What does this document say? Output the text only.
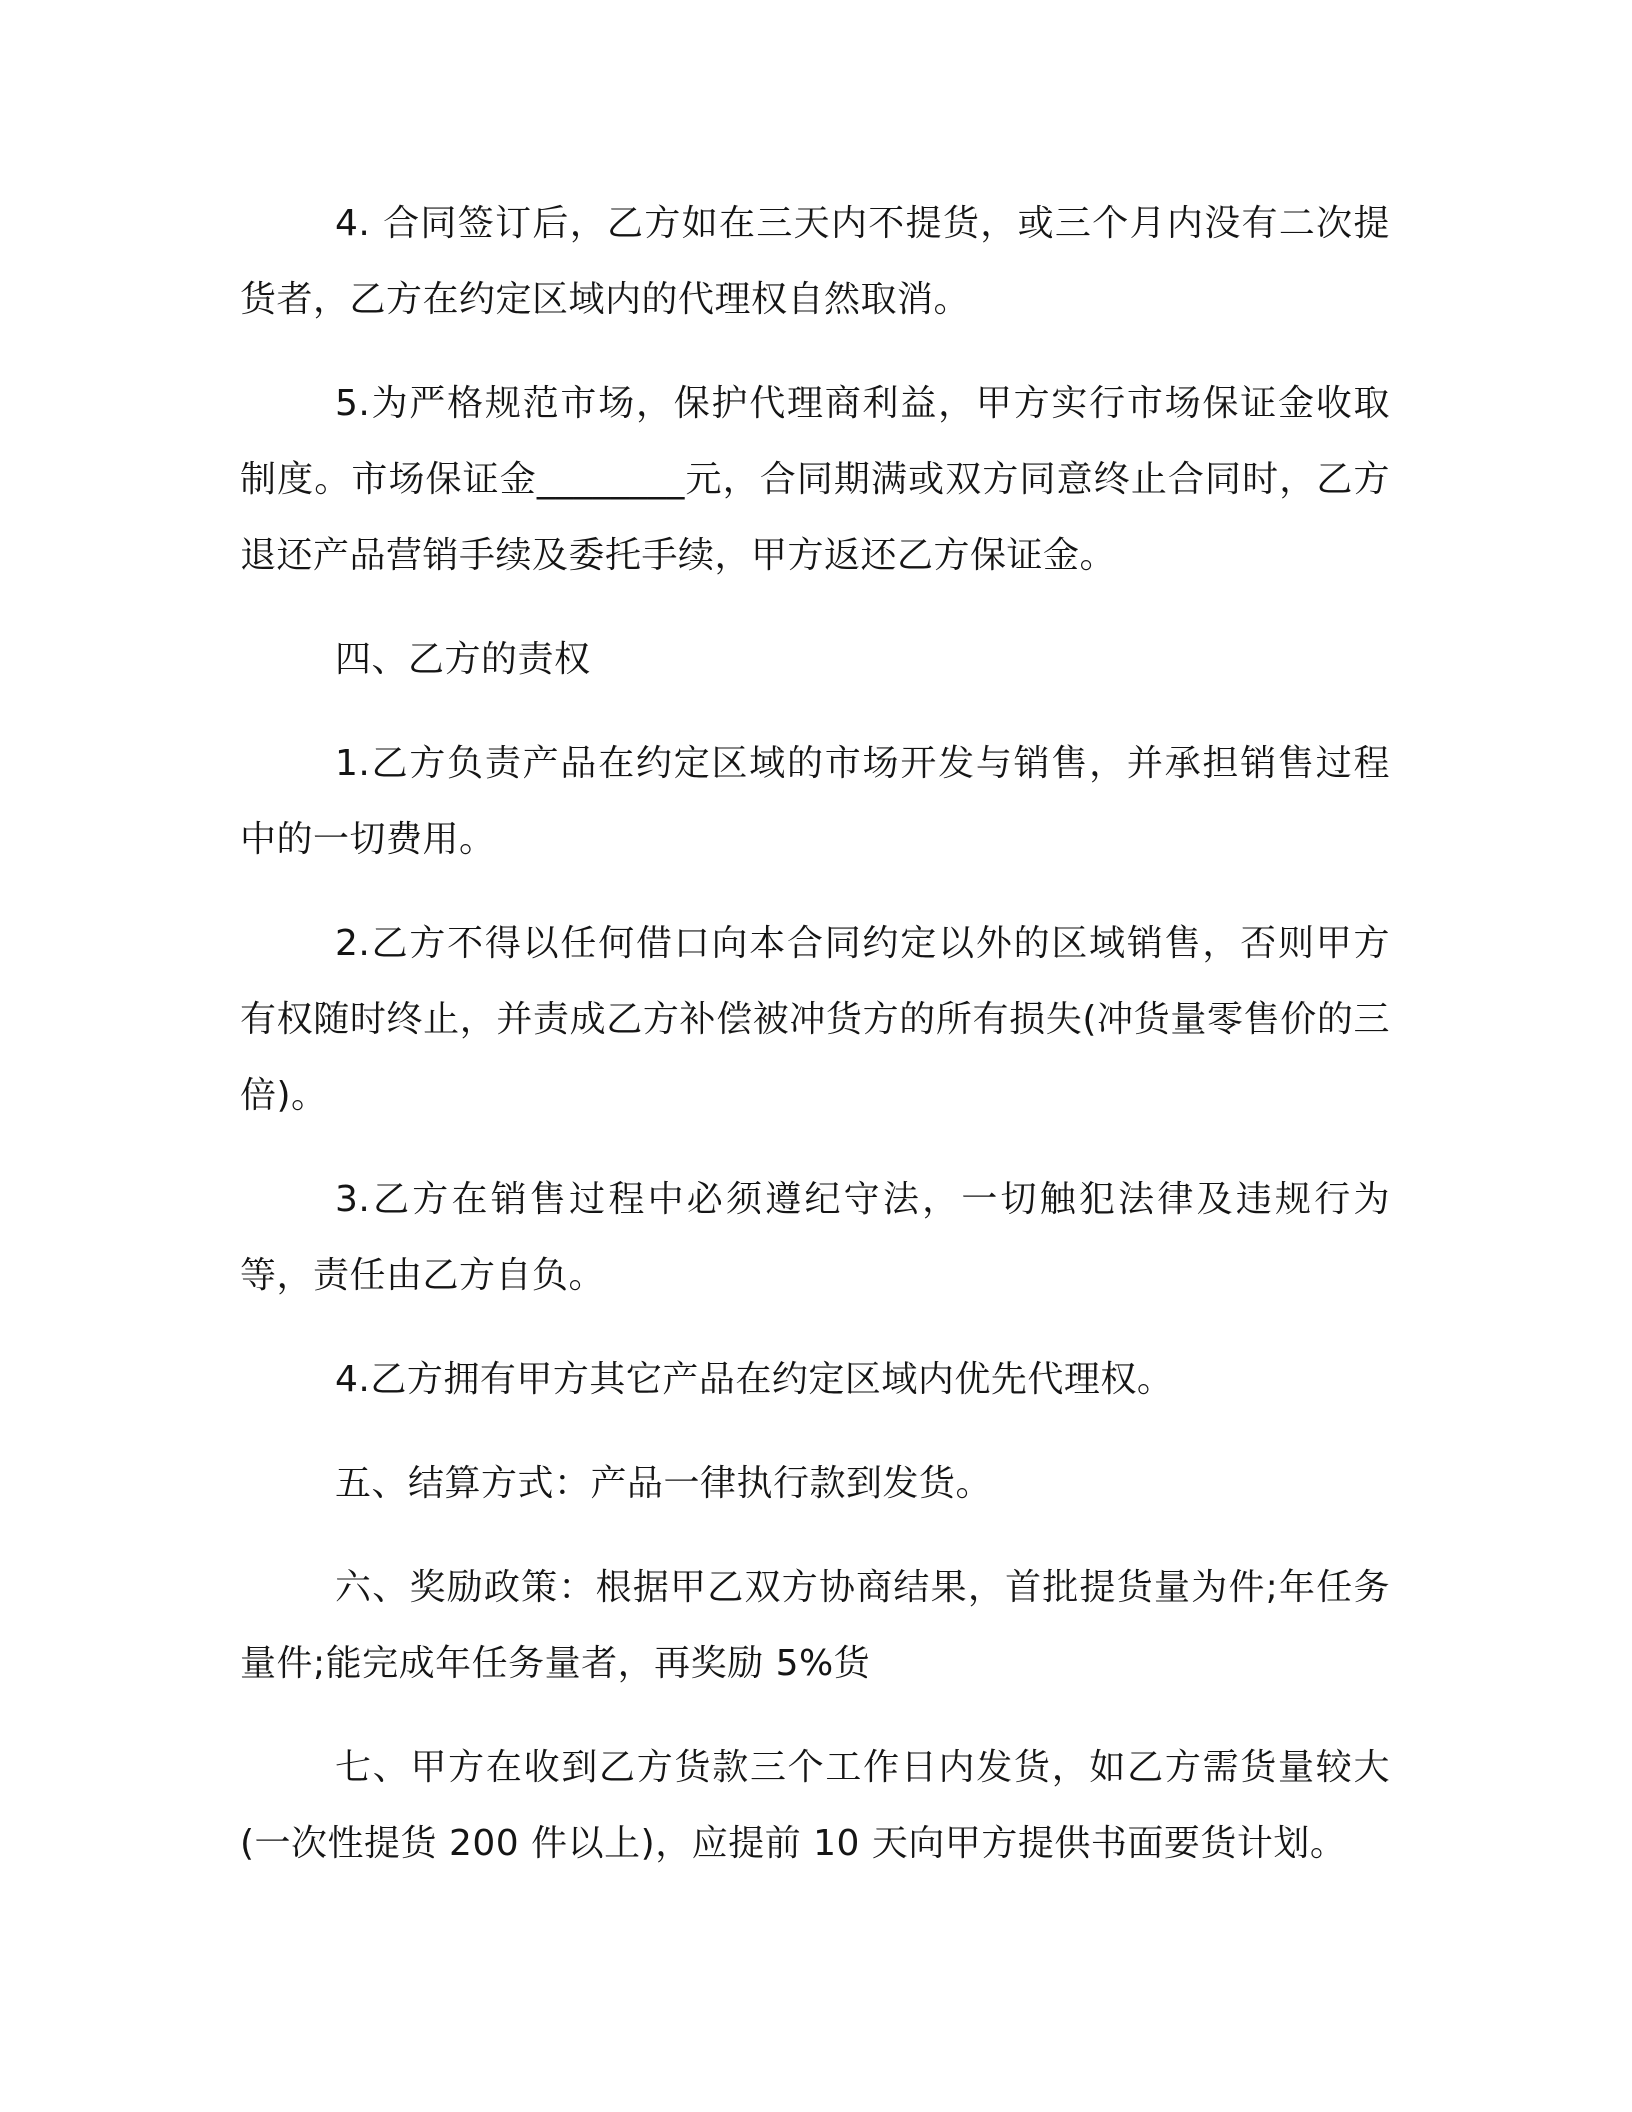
4. 合同签订后，乙方如在三天内不提货，或三个月内没有二次提货者，乙方在约定区域内的代理权自然取消。

5.为严格规范市场，保护代理商利益，甲方实行市场保证金收取制度。市场保证金________元，合同期满或双方同意终止合同时，乙方退还产品营销手续及委托手续，甲方返还乙方保证金。

四、乙方的责权

1.乙方负责产品在约定区域的市场开发与销售，并承担销售过程中的一切费用。

2.乙方不得以任何借口向本合同约定以外的区域销售，否则甲方有权随时终止，并责成乙方补偿被冲货方的所有损失(冲货量零售价的三倍)。

3.乙方在销售过程中必须遵纪守法，一切触犯法律及违规行为等，责任由乙方自负。

4.乙方拥有甲方其它产品在约定区域内优先代理权。

五、结算方式：产品一律执行款到发货。

六、奖励政策：根据甲乙双方协商结果，首批提货量为件;年任务量件;能完成年任务量者，再奖励 5%货

七、甲方在收到乙方货款三个工作日内发货，如乙方需货量较大(一次性提货 200 件以上)，应提前 10 天向甲方提供书面要货计划。
